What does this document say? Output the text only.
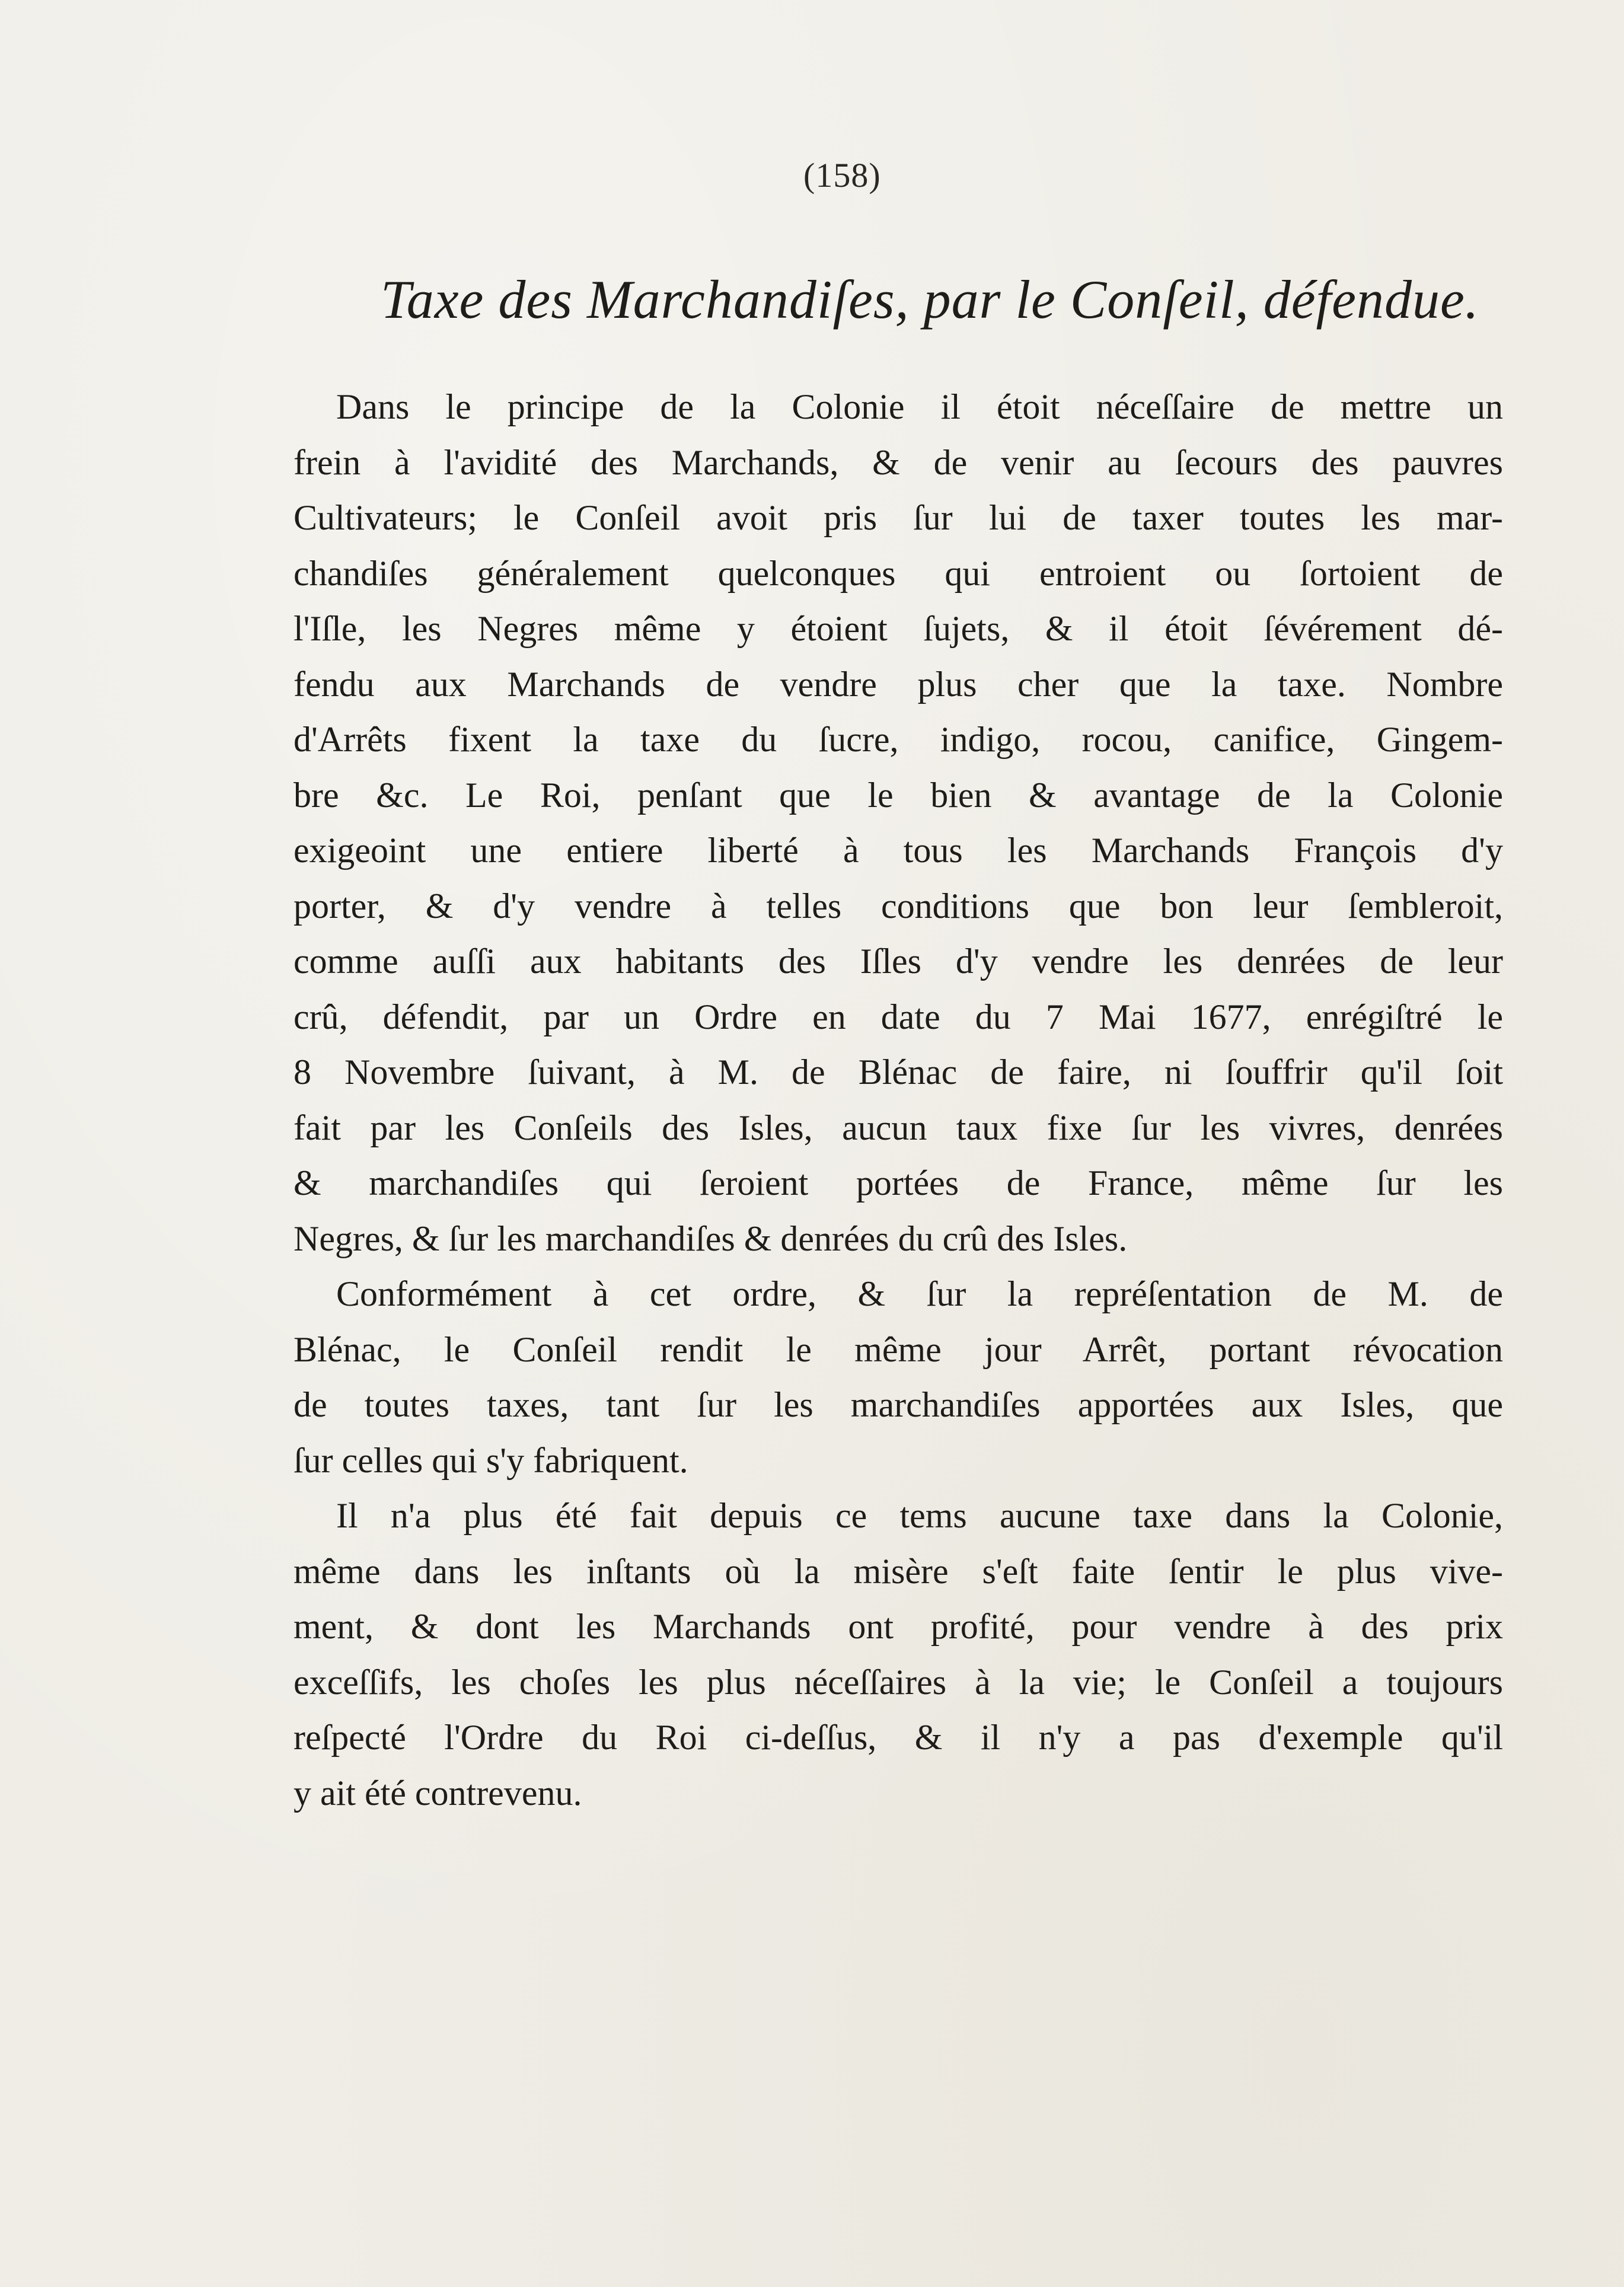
(158)
Taxe des Marchandiſes, par le Conſeil, défendue.
Dans le principe de la Colonie il étoit néceſſaire de mettre un
frein à l'avidité des Marchands, & de venir au ſecours des pauvres
Cultivateurs; le Conſeil avoit pris ſur lui de taxer toutes les mar-
chandiſes généralement quelconques qui entroient ou ſortoient de
l'Iſle, les Negres même y étoient ſujets, & il étoit ſévérement dé-
fendu aux Marchands de vendre plus cher que la taxe. Nombre
d'Arrêts fixent la taxe du ſucre, indigo, rocou, canifice, Gingem-
bre &c. Le Roi, penſant que le bien & avantage de la Colonie
exigeoint une entiere liberté à tous les Marchands François d'y
porter, & d'y vendre à telles conditions que bon leur ſembleroit,
comme auſſi aux habitants des Iſles d'y vendre les denrées de leur
crû, défendit, par un Ordre en date du 7 Mai 1677, enrégiſtré le
8 Novembre ſuivant, à M. de Blénac de faire, ni ſouffrir qu'il ſoit
fait par les Conſeils des Isles, aucun taux fixe ſur les vivres, denrées
& marchandiſes qui ſeroient portées de France, même ſur les
Negres, & ſur les marchandiſes & denrées du crû des Isles.
Conformément à cet ordre, & ſur la repréſentation de M. de
Blénac, le Conſeil rendit le même jour Arrêt, portant révocation
de toutes taxes, tant ſur les marchandiſes apportées aux Isles, que
ſur celles qui s'y fabriquent.
Il n'a plus été fait depuis ce tems aucune taxe dans la Colonie,
même dans les inſtants où la misère s'eſt faite ſentir le plus vive-
ment, & dont les Marchands ont profité, pour vendre à des prix
exceſſifs, les choſes les plus néceſſaires à la vie; le Conſeil a toujours
reſpecté l'Ordre du Roi ci-deſſus, & il n'y a pas d'exemple qu'il
y ait été contrevenu.
